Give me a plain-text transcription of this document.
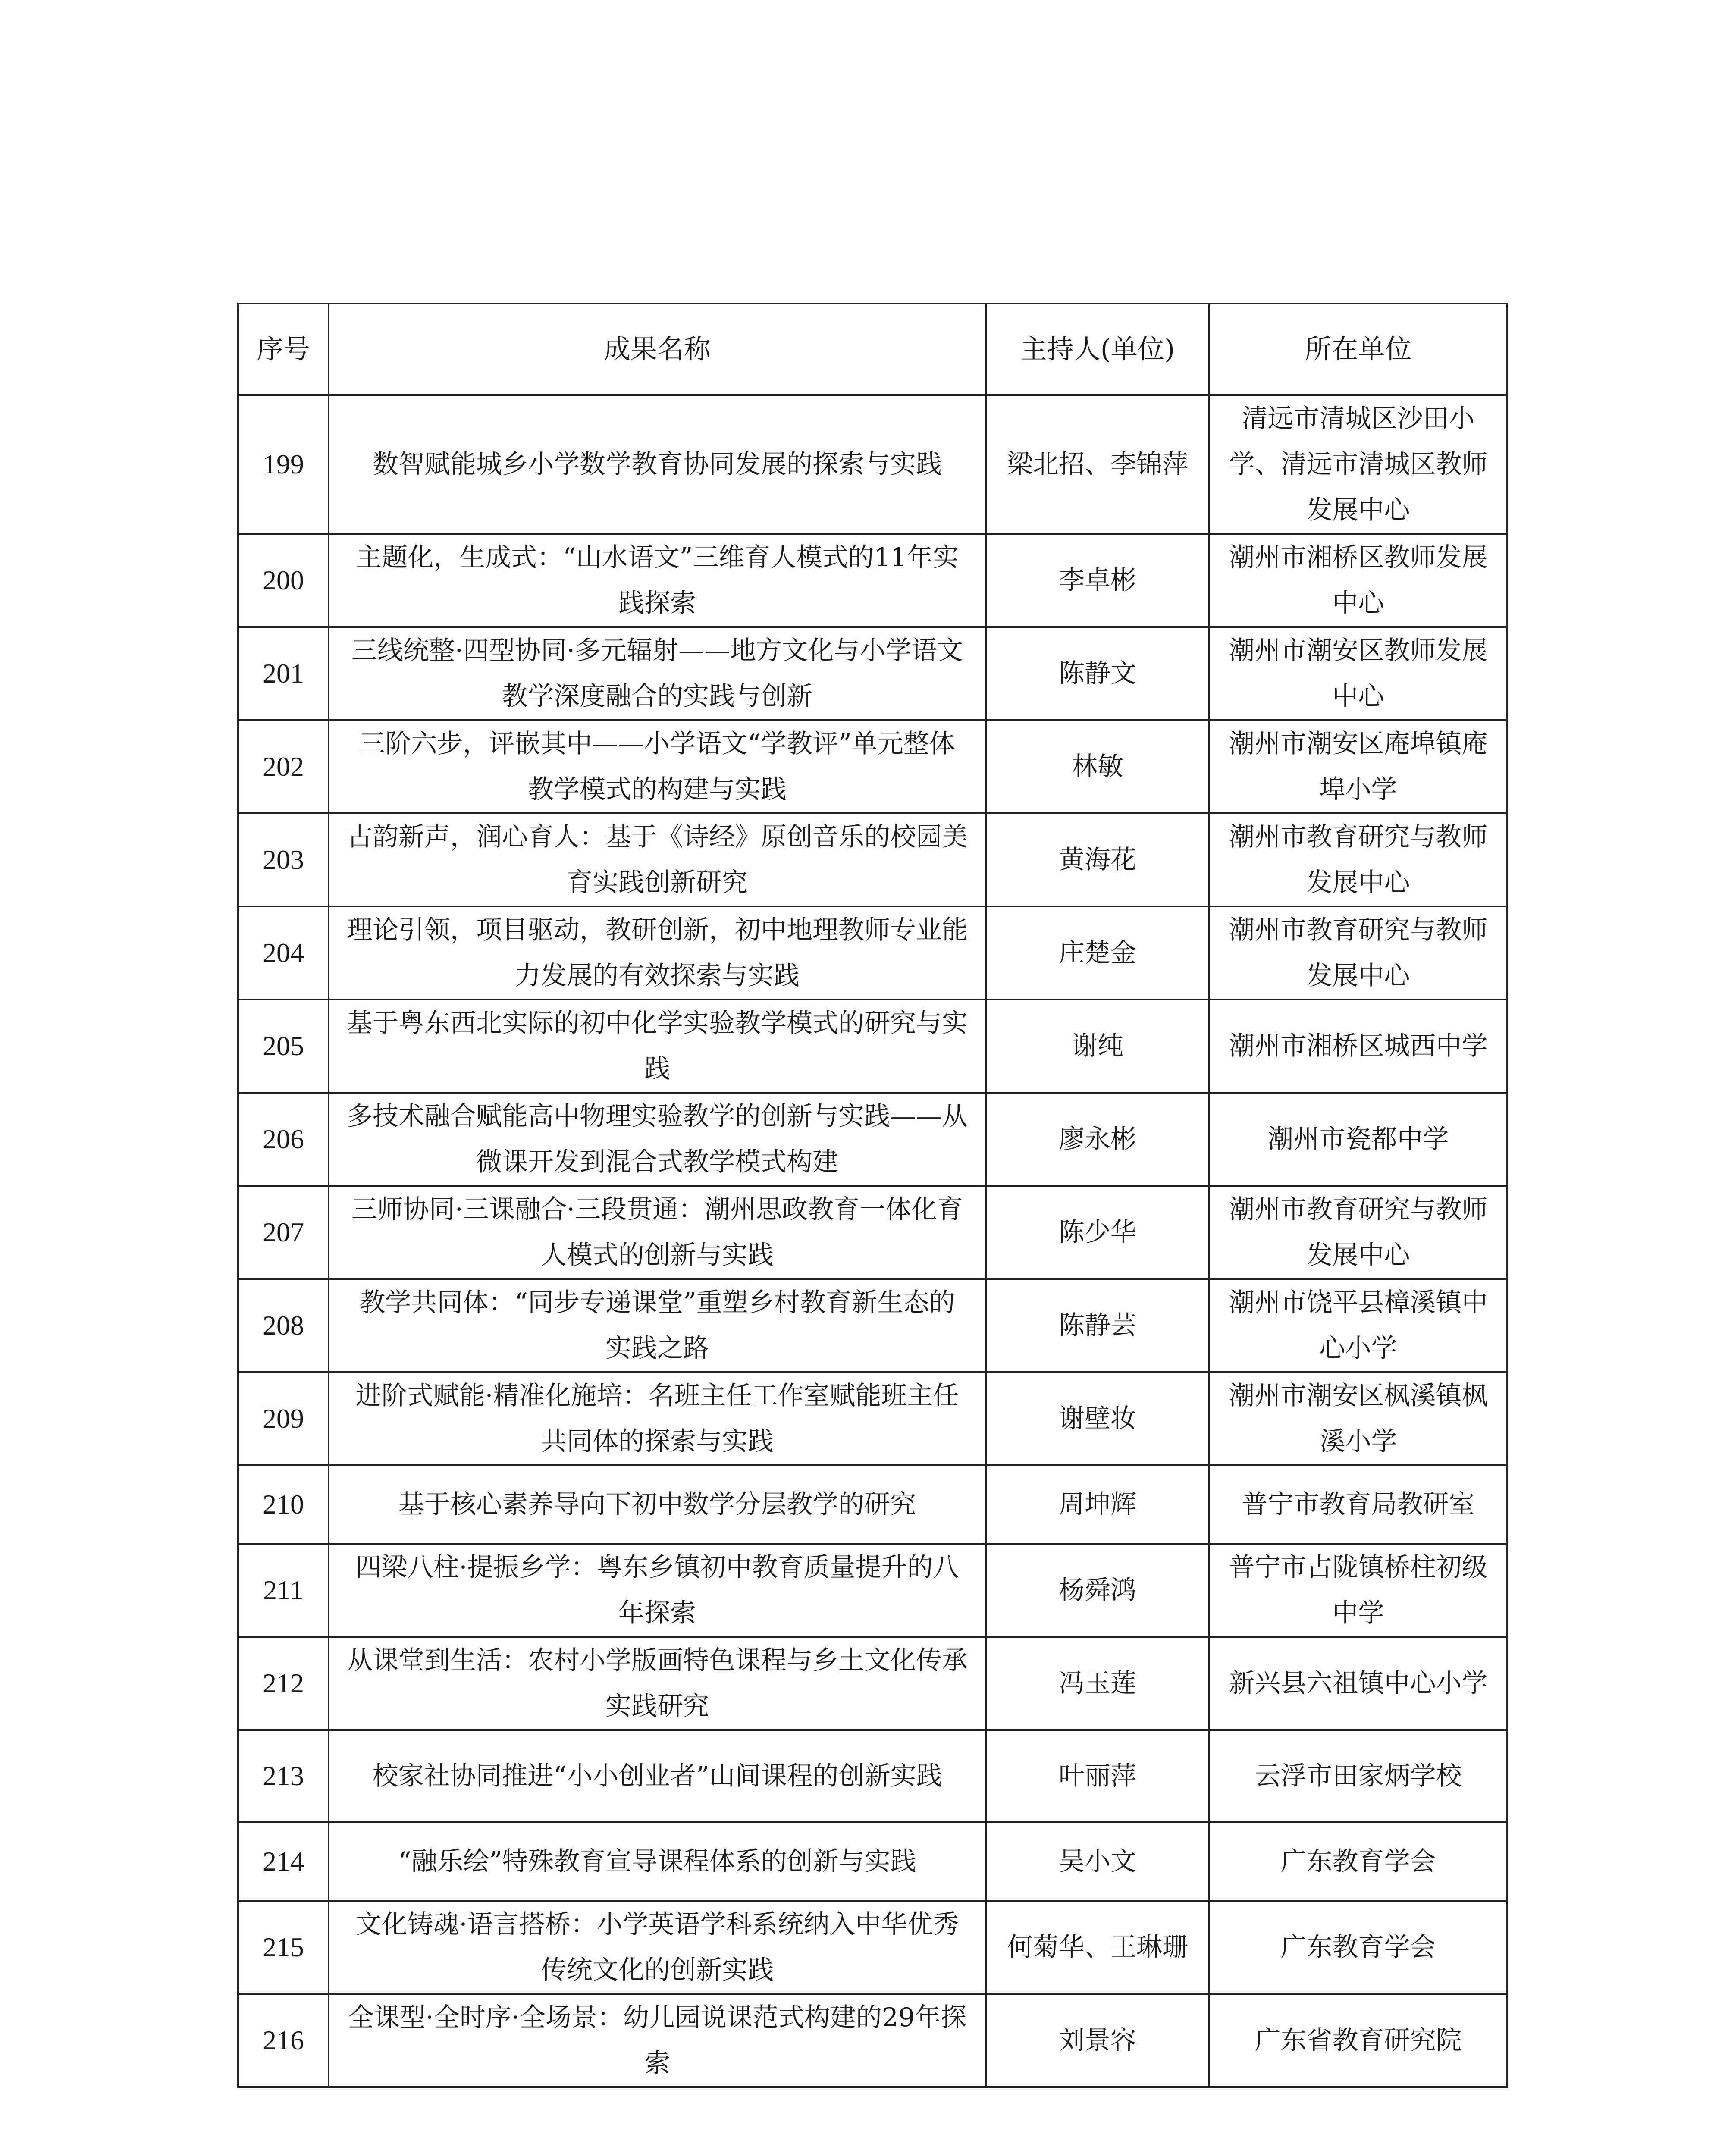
序号	成果名称	主持人(单位)	所在单位
199	数智赋能城乡小学数学教育协同发展的探索与实践	梁北招、李锦萍	清远市清城区沙田小学、清远市清城区教师发展中心
200	主题化，生成式：“山水语文”三维育人模式的11年实践探索	李卓彬	潮州市湘桥区教师发展中心
201	三线统整·四型协同·多元辐射——地方文化与小学语文教学深度融合的实践与创新	陈静文	潮州市潮安区教师发展中心
202	三阶六步，评嵌其中——小学语文“学教评”单元整体教学模式的构建与实践	林敏	潮州市潮安区庵埠镇庵埠小学
203	古韵新声，润心育人：基于《诗经》原创音乐的校园美育实践创新研究	黄海花	潮州市教育研究与教师发展中心
204	理论引领，项目驱动，教研创新，初中地理教师专业能力发展的有效探索与实践	庄楚金	潮州市教育研究与教师发展中心
205	基于粤东西北实际的初中化学实验教学模式的研究与实践	谢纯	潮州市湘桥区城西中学
206	多技术融合赋能高中物理实验教学的创新与实践——从微课开发到混合式教学模式构建	廖永彬	潮州市瓷都中学
207	三师协同·三课融合·三段贯通：潮州思政教育一体化育人模式的创新与实践	陈少华	潮州市教育研究与教师发展中心
208	教学共同体：“同步专递课堂”重塑乡村教育新生态的实践之路	陈静芸	潮州市饶平县樟溪镇中心小学
209	进阶式赋能·精准化施培：名班主任工作室赋能班主任共同体的探索与实践	谢壁妆	潮州市潮安区枫溪镇枫溪小学
210	基于核心素养导向下初中数学分层教学的研究	周坤辉	普宁市教育局教研室
211	四梁八柱·提振乡学：粤东乡镇初中教育质量提升的八年探索	杨舜鸿	普宁市占陇镇桥柱初级中学
212	从课堂到生活：农村小学版画特色课程与乡土文化传承实践研究	冯玉莲	新兴县六祖镇中心小学
213	校家社协同推进“小小创业者”山间课程的创新实践	叶丽萍	云浮市田家炳学校
214	“融乐绘”特殊教育宣导课程体系的创新与实践	吴小文	广东教育学会
215	文化铸魂·语言搭桥：小学英语学科系统纳入中华优秀传统文化的创新实践	何菊华、王琳珊	广东教育学会
216	全课型·全时序·全场景：幼儿园说课范式构建的29年探索	刘景容	广东省教育研究院
